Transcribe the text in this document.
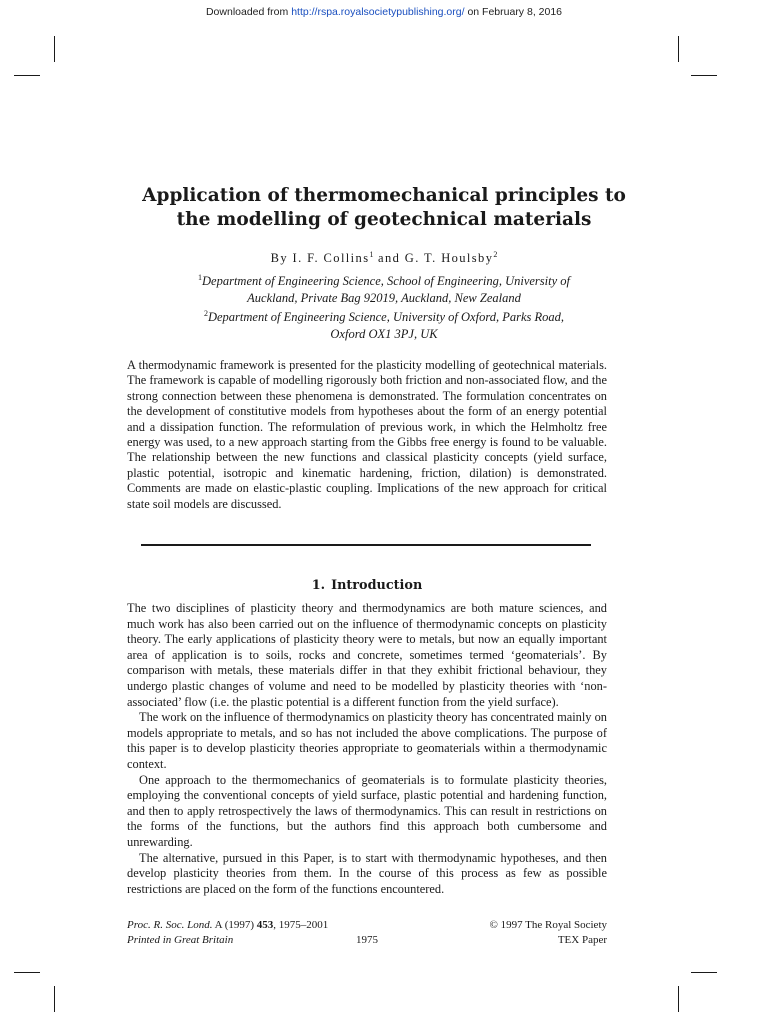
Downloaded from http://rspa.royalsocietypublishing.org/ on February 8, 2016
Application of thermomechanical principles to
the modelling of geotechnical materials
By I. F. Collins$^1$ and G. T. Houlsby$^2$
$^1$Department of Engineering Science, School of Engineering, University of
Auckland, Private Bag 92019, Auckland, New Zealand
$^2$Department of Engineering Science, University of Oxford, Parks Road,
Oxford OX1 3PJ, UK

A thermodynamic framework is presented for the plasticity modelling of geotechnical materials. The framework is capable of modelling rigorously both friction and non-associated flow, and the strong connection between these phenomena is demonstrated. The formulation concentrates on the development of constitutive models from hypotheses about the form of an energy potential and a dissipation function. The reformulation of previous work, in which the Helmholtz free energy was used, to a new approach starting from the Gibbs free energy is found to be valuable. The relationship between the new functions and classical plasticity concepts (yield surface, plastic potential, isotropic and kinematic hardening, friction, dilation) is demonstrated. Comments are made on elastic-plastic coupling. Implications of the new approach for critical state soil models are discussed.

1. Introduction

The two disciplines of plasticity theory and thermodynamics are both mature sciences, and much work has also been carried out on the influence of thermodynamic concepts on plasticity theory. The early applications of plasticity theory were to metals, but now an equally important area of application is to soils, rocks and concrete, sometimes termed ‘geomaterials’. By comparison with metals, these materials differ in that they exhibit frictional behaviour, they undergo plastic changes of volume and need to be modelled by plasticity theories with ‘non-associated’ flow (i.e. the plastic potential is a different function from the yield surface).

The work on the influence of thermodynamics on plasticity theory has concentrated mainly on models appropriate to metals, and so has not included the above complications. The purpose of this paper is to develop plasticity theories appropriate to geomaterials within a thermodynamic context.

One approach to the thermomechanics of geomaterials is to formulate plasticity theories, employing the conventional concepts of yield surface, plastic potential and hardening function, and then to apply retrospectively the laws of thermodynamics. This can result in restrictions on the forms of the functions, but the authors find this approach both cumbersome and unrewarding.

The alternative, pursued in this Paper, is to start with thermodynamic hypotheses, and then develop plasticity theories from them. In the course of this process as few as possible restrictions are placed on the form of the functions encountered.

Proc. R. Soc. Lond. A (1997) 453, 1975–2001	© 1997 The Royal Society
Printed in Great Britain	1975	TEX Paper
